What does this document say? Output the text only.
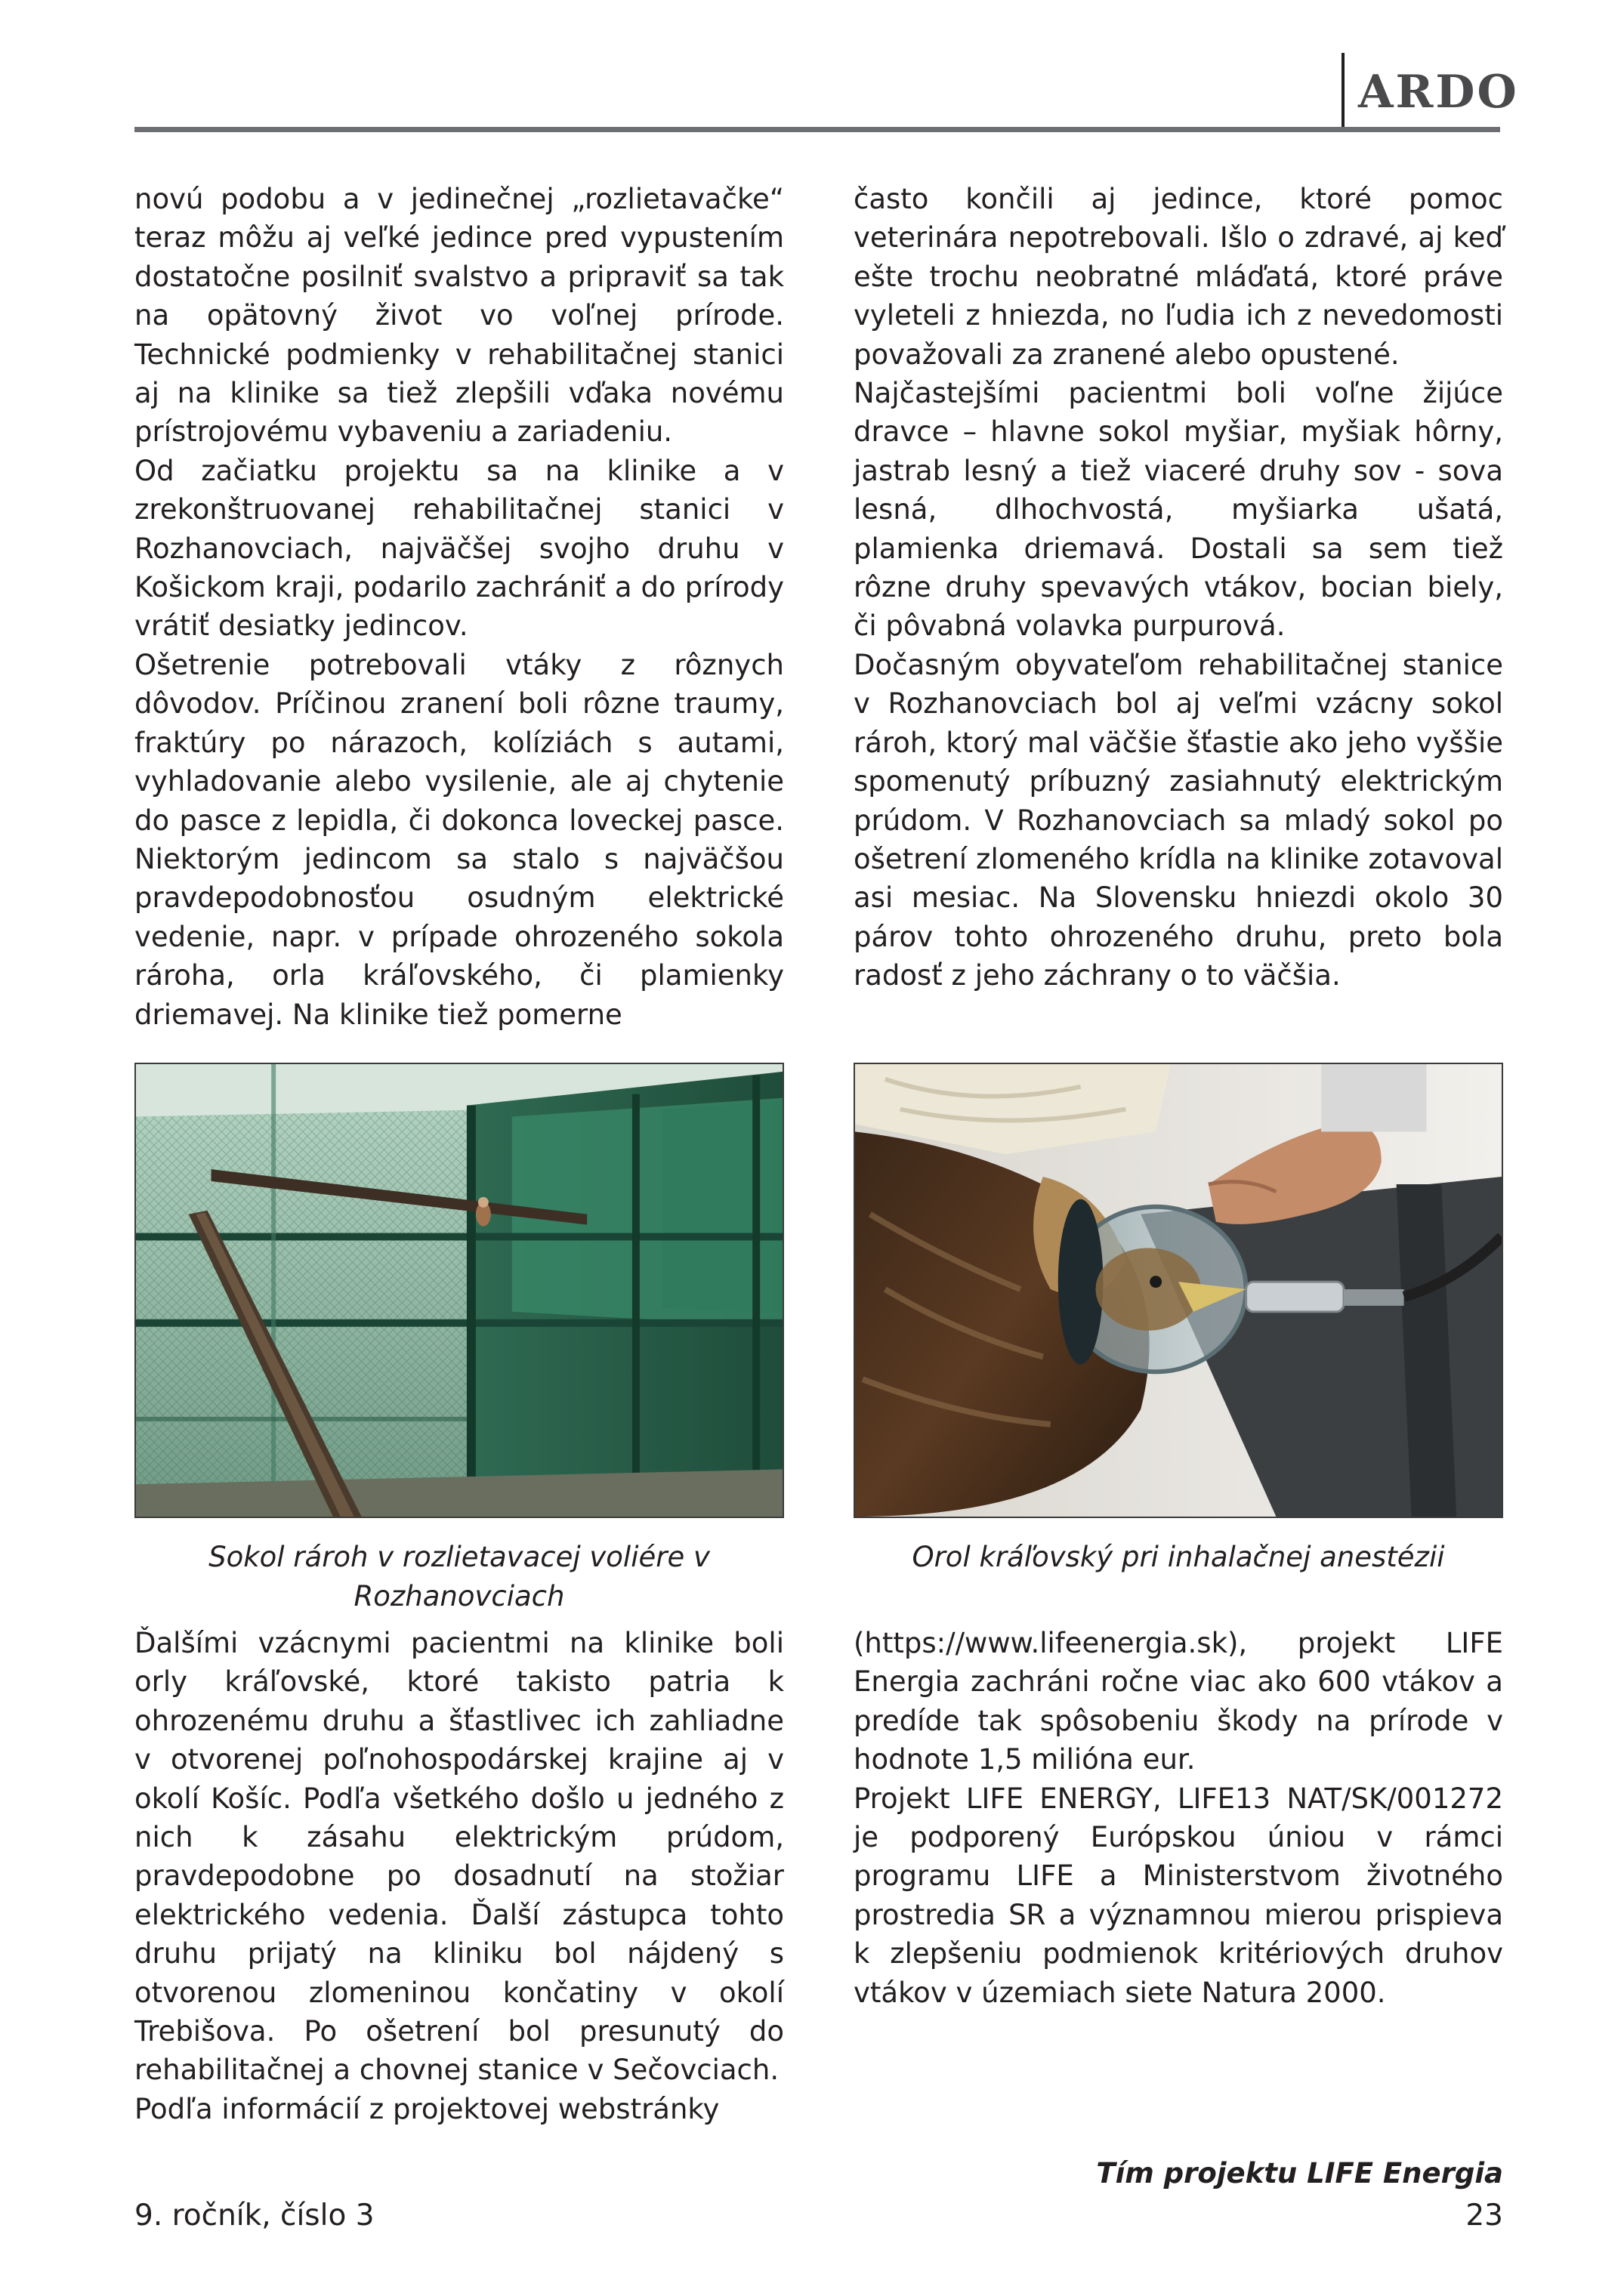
ARDO

novú podobu a v jedinečnej „rozlietavačke“ teraz môžu aj veľké jedince pred vypustením dostatočne posilniť svalstvo a pripraviť sa tak na opätovný život vo voľnej prírode. Technické podmienky v rehabilitačnej stanici aj na klinike sa tiež zlepšili vďaka novému prístrojovému vybaveniu a zariadeniu.

Od začiatku projektu sa na klinike a v zrekonštruovanej rehabilitačnej stanici v Rozhanovciach, najväčšej svojho druhu v Košickom kraji, podarilo zachrániť a do prírody vrátiť desiatky jedincov.

Ošetrenie potrebovali vtáky z rôznych dôvodov. Príčinou zranení boli rôzne traumy, fraktúry po nárazoch, kolíziách s autami, vyhladovanie alebo vysilenie, ale aj chytenie do pasce z lepidla, či dokonca loveckej pasce. Niektorým jedincom sa stalo s najväčšou pravdepodobnosťou osudným elektrické vedenie, napr. v prípade ohrozeného sokola rároha, orla kráľovského, či plamienky driemavej. Na klinike tiež pomerne

často končili aj jedince, ktoré pomoc veterinára nepotrebovali. Išlo o zdravé, aj keď ešte trochu neobratné mláďatá, ktoré práve vyleteli z hniezda, no ľudia ich z nevedomosti považovali za zranené alebo opustené.

Najčastejšími pacientmi boli voľne žijúce dravce – hlavne sokol myšiar, myšiak hôrny, jastrab lesný a tiež viaceré druhy sov - sova lesná, dlhochvostá, myšiarka ušatá, plamienka driemavá. Dostali sa sem tiež rôzne druhy spevavých vtákov, bocian biely, či pôvabná volavka purpurová.

Dočasným obyvateľom rehabilitačnej stanice v Rozhanovciach bol aj veľmi vzácny sokol rároh, ktorý mal väčšie šťastie ako jeho vyššie spomenutý príbuzný zasiahnutý elektrickým prúdom. V Rozhanovciach sa mladý sokol po ošetrení zlomeného krídla na klinike zotavoval asi mesiac. Na Slovensku hniezdi okolo 30 párov tohto ohrozeného druhu, preto bola radosť z jeho záchrany o to väčšia.

Sokol rároh v rozlietavacej voliére v Rozhanovciach
Orol kráľovský pri inhalačnej anestézii

Ďalšími vzácnymi pacientmi na klinike boli orly kráľovské, ktoré takisto patria k ohrozenému druhu a šťastlivec ich zahliadne v otvorenej poľnohospodárskej krajine aj v okolí Košíc. Podľa všetkého došlo u jedného z nich k zásahu elektrickým prúdom, pravdepodobne po dosadnutí na stožiar elektrického vedenia. Ďalší zástupca tohto druhu prijatý na kliniku bol nájdený s otvorenou zlomeninou končatiny v okolí Trebišova. Po ošetrení bol presunutý do rehabilitačnej a chovnej stanice v Sečovciach.

Podľa informácií z projektovej webstránky

(https://www.lifeenergia.sk), projekt LIFE Energia zachráni ročne viac ako 600 vtákov a predíde tak spôsobeniu škody na prírode v hodnote 1,5 milióna eur.

Projekt LIFE ENERGY, LIFE13 NAT/SK/001272 je podporený Európskou úniou v rámci programu LIFE a Ministerstvom životného prostredia SR a významnou mierou prispieva k zlepšeniu podmienok kritériových druhov vtákov v územiach siete Natura 2000.

Tím projektu LIFE Energia
9. ročník, číslo 3	23
